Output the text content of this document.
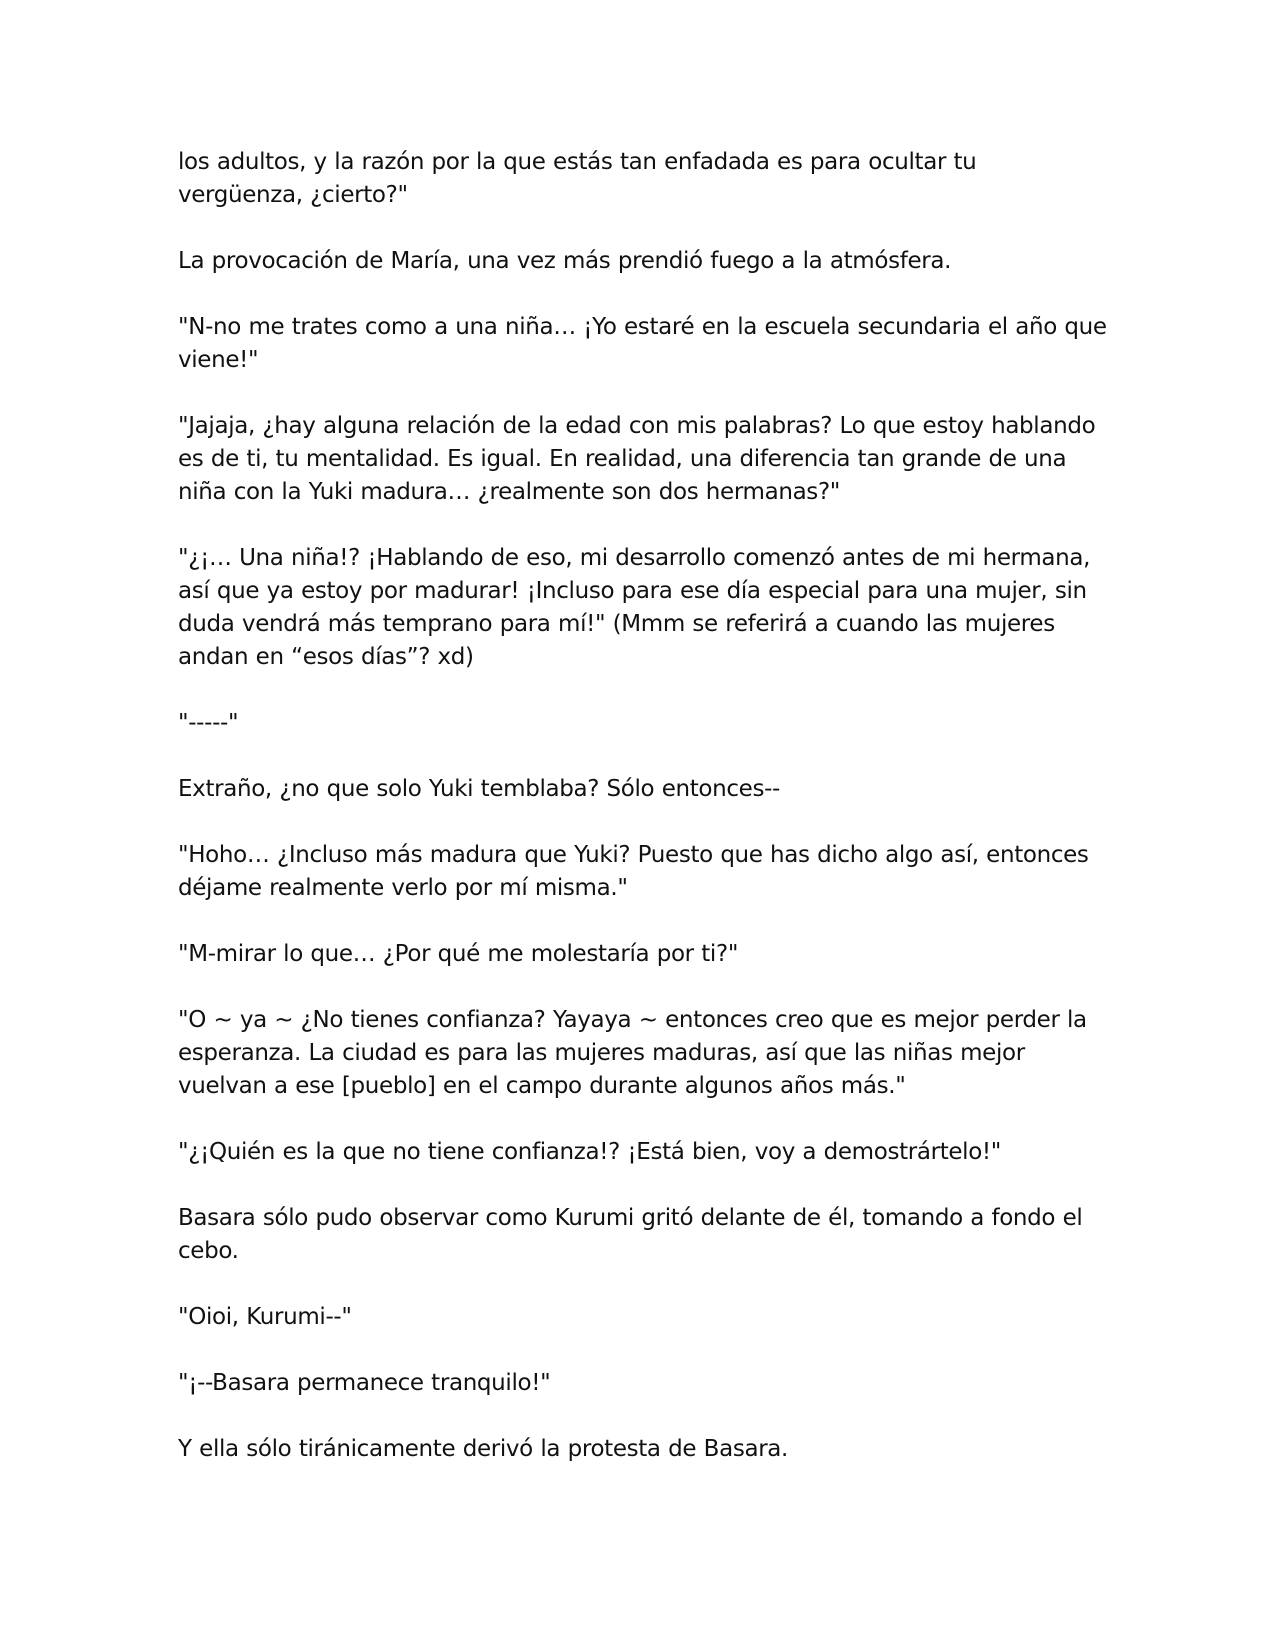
los adultos, y la razón por la que estás tan enfadada es para ocultar tu vergüenza, ¿cierto?"

La provocación de María, una vez más prendió fuego a la atmósfera.

"N-no me trates como a una niña… ¡Yo estaré en la escuela secundaria el año que viene!"

"Jajaja, ¿hay alguna relación de la edad con mis palabras? Lo que estoy hablando es de ti, tu mentalidad. Es igual. En realidad, una diferencia tan grande de una niña con la Yuki madura… ¿realmente son dos hermanas?"

"¿¡… Una niña!? ¡Hablando de eso, mi desarrollo comenzó antes de mi hermana, así que ya estoy por madurar! ¡Incluso para ese día especial para una mujer, sin duda vendrá más temprano para mí!" (Mmm se referirá a cuando las mujeres andan en “esos días”? xd)

"-----"

Extraño, ¿no que solo Yuki temblaba? Sólo entonces--

"Hoho… ¿Incluso más madura que Yuki? Puesto que has dicho algo así, entonces déjame realmente verlo por mí misma."

"M-mirar lo que… ¿Por qué me molestaría por ti?"

"O ~ ya ~ ¿No tienes confianza? Yayaya ~ entonces creo que es mejor perder la esperanza. La ciudad es para las mujeres maduras, así que las niñas mejor vuelvan a ese [pueblo] en el campo durante algunos años más."

"¿¡Quién es la que no tiene confianza!? ¡Está bien, voy a demostrártelo!"

Basara sólo pudo observar como Kurumi gritó delante de él, tomando a fondo el cebo.

"Oioi, Kurumi--"

"¡--Basara permanece tranquilo!"

Y ella sólo tiránicamente derivó la protesta de Basara.
